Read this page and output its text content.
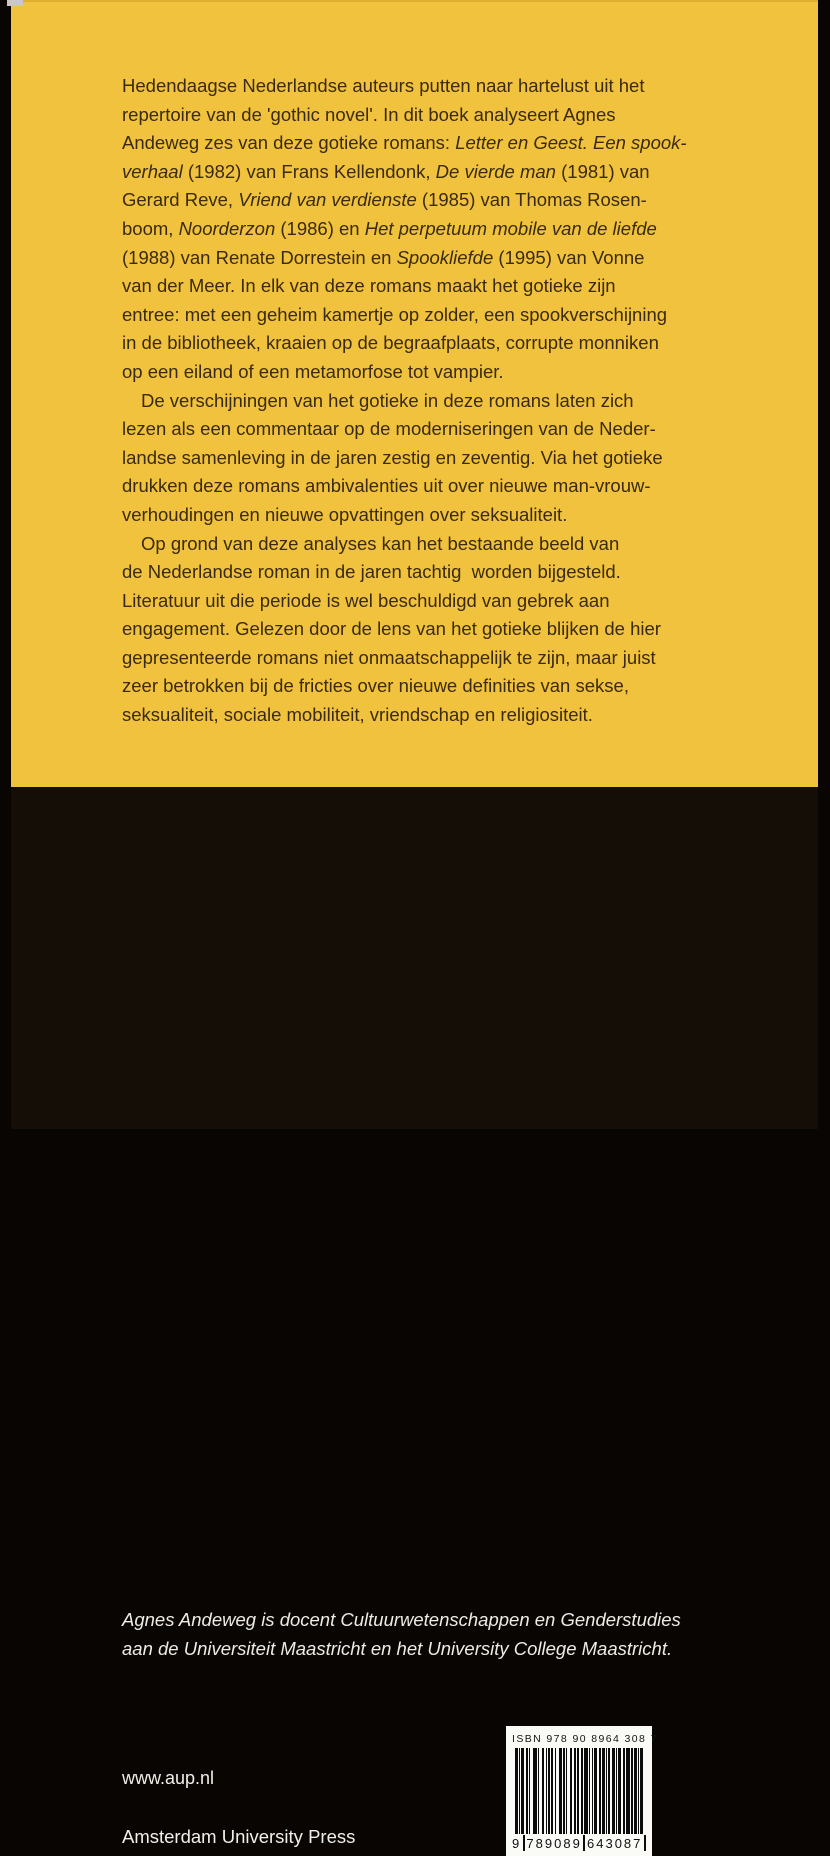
Hedendaagse Nederlandse auteurs putten naar hartelust uit het
repertoire van de 'gothic novel'. In dit boek analyseert Agnes
Andeweg zes van deze gotieke romans: Letter en Geest. Een spook-
verhaal (1982) van Frans Kellendonk, De vierde man (1981) van
Gerard Reve, Vriend van verdienste (1985) van Thomas Rosen-
boom, Noorderzon (1986) en Het perpetuum mobile van de liefde
(1988) van Renate Dorrestein en Spookliefde (1995) van Vonne
van der Meer. In elk van deze romans maakt het gotieke zijn
entree: met een geheim kamertje op zolder, een spookverschijning
in de bibliotheek, kraaien op de begraafplaats, corrupte monniken
op een eiland of een metamorfose tot vampier.
De verschijningen van het gotieke in deze romans laten zich
lezen als een commentaar op de moderniseringen van de Neder-
landse samenleving in de jaren zestig en zeventig. Via het gotieke
drukken deze romans ambivalenties uit over nieuwe man-vrouw-
verhoudingen en nieuwe opvattingen over seksualiteit.
Op grond van deze analyses kan het bestaande beeld van
de Nederlandse roman in de jaren tachtig  worden bijgesteld.
Literatuur uit die periode is wel beschuldigd van gebrek aan
engagement. Gelezen door de lens van het gotieke blijken de hier
gepresenteerde romans niet onmaatschappelijk te zijn, maar juist
zeer betrokken bij de fricties over nieuwe definities van sekse,
seksualiteit, sociale mobiliteit, vriendschap en religiositeit.
Agnes Andeweg is docent Cultuurwetenschappen en Genderstudies
aan de Universiteit Maastricht en het University College Maastricht.
www.aup.nl
Amsterdam University Press
ISBN 978 90 8964 308 7
9 789089 643087
